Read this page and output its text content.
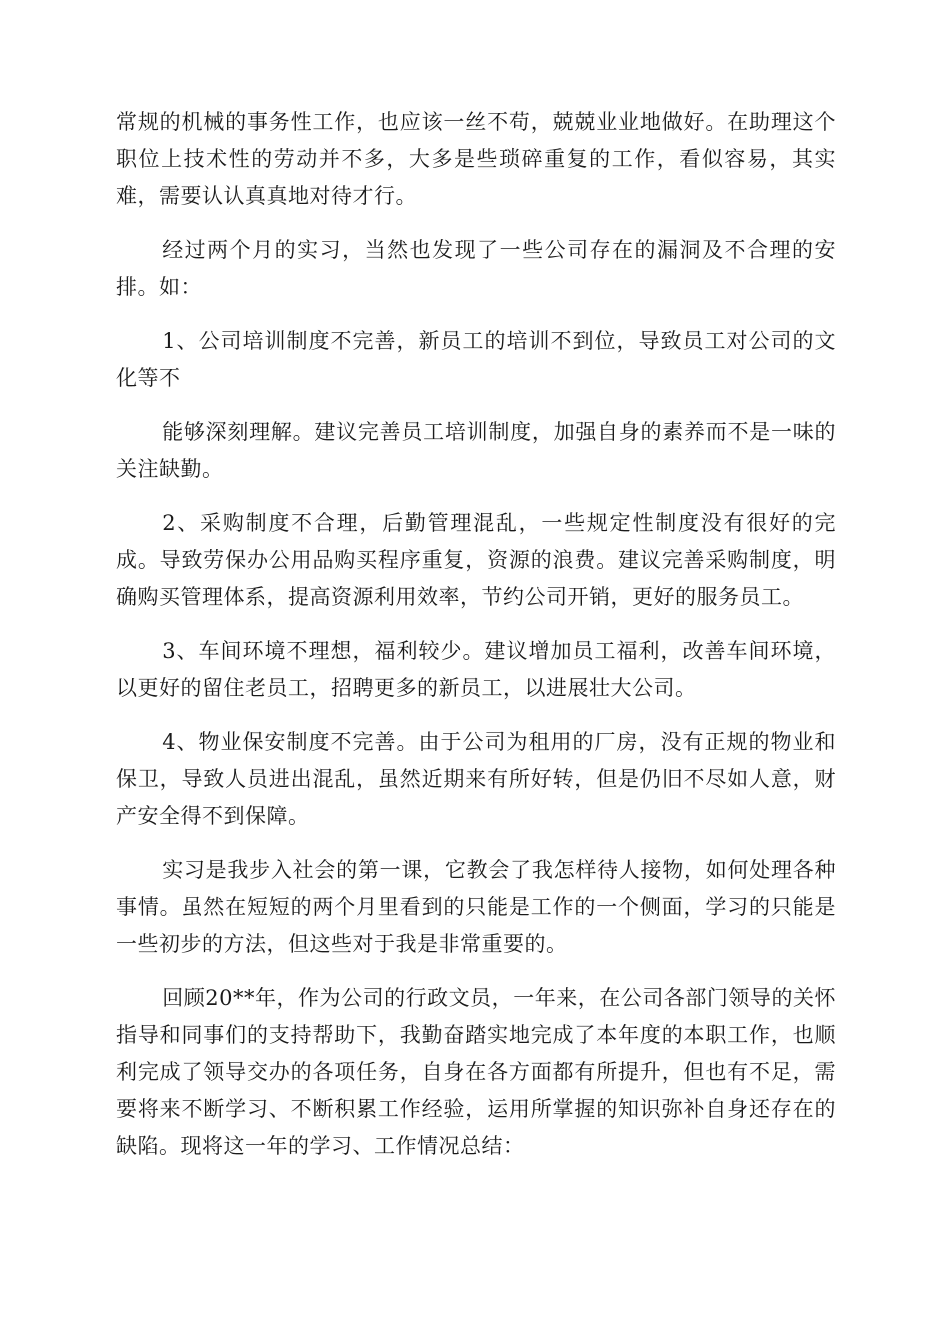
常规的机械的事务性工作，也应该一丝不苟，兢兢业业地做好。在助理这个职位上技术性的劳动并不多，大多是些琐碎重复的工作，看似容易，其实难，需要认认真真地对待才行。

经过两个月的实习，当然也发现了一些公司存在的漏洞及不合理的安排。如：

1、公司培训制度不完善，新员工的培训不到位，导致员工对公司的文化等不

能够深刻理解。建议完善员工培训制度，加强自身的素养而不是一味的关注缺勤。

2、采购制度不合理，后勤管理混乱，一些规定性制度没有很好的完成。导致劳保办公用品购买程序重复，资源的浪费。建议完善采购制度，明确购买管理体系，提高资源利用效率，节约公司开销，更好的服务员工。

3、车间环境不理想，福利较少。建议增加员工福利，改善车间环境，以更好的留住老员工，招聘更多的新员工，以进展壮大公司。

4、物业保安制度不完善。由于公司为租用的厂房，没有正规的物业和保卫，导致人员进出混乱，虽然近期来有所好转，但是仍旧不尽如人意，财产安全得不到保障。

实习是我步入社会的第一课，它教会了我怎样待人接物，如何处理各种事情。虽然在短短的两个月里看到的只能是工作的一个侧面，学习的只能是一些初步的方法，但这些对于我是非常重要的。

回顾20**年，作为公司的行政文员，一年来，在公司各部门领导的关怀指导和同事们的支持帮助下，我勤奋踏实地完成了本年度的本职工作，也顺利完成了领导交办的各项任务，自身在各方面都有所提升，但也有不足，需要将来不断学习、不断积累工作经验，运用所掌握的知识弥补自身还存在的缺陷。现将这一年的学习、工作情况总结：
